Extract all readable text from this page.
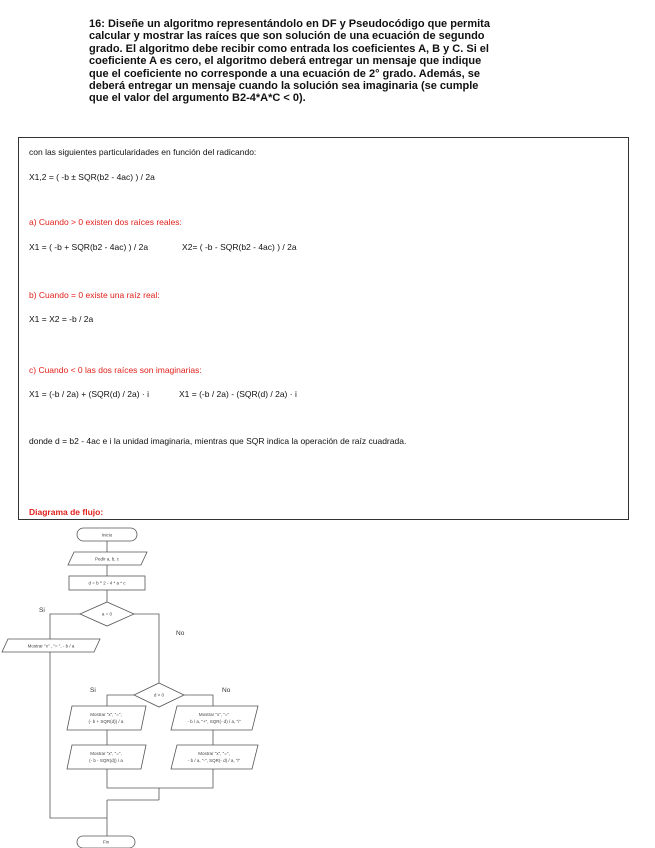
16: Diseñe un algoritmo representándolo en DF y Pseudocódigo que permita
calcular y mostrar las raíces que son solución de una ecuación de segundo
grado. El algoritmo debe recibir como entrada los coeficientes A, B y C. Si el
coeficiente A es cero, el algoritmo deberá entregar un mensaje que indique
que el coeficiente no corresponde a una ecuación de 2° grado. Además, se
deberá entregar un mensaje cuando la solución sea imaginaria (se cumple
que el valor del argumento B2-4*A*C < 0).
con las siguientes particularidades en función del radicando:
X1,2 = ( -b ± SQR(b2 - 4ac) ) / 2a
a) Cuando > 0 existen dos raíces reales:
X1 = ( -b + SQR(b2 - 4ac) ) / 2a	X2= ( -b - SQR(b2 - 4ac) ) / 2a
b) Cuando = 0 existe una raíz real:
X1 = X2 = -b / 2a
c) Cuando < 0 las dos raíces son imaginarias:
X1 = (-b / 2a) + (SQR(d) / 2a) · i	X1 = (-b / 2a) - (SQR(d) / 2a) · i
donde d = b2 - 4ac e i la unidad imaginaria, mientras que SQR indica la operación de raíz cuadrada.
Diagrama de flujo:
Inicio
Pedir a, b, c
d = b ^ 2 - 4 * a * c
a = 0
Mostrar "x" , "= ", - b / a
d > 0
Mostrar "x", "=",
(- b + SQR(d)) / a
Mostrar "x", "=",
(- b - SQR(d)) / a
Mostrar "x", "="
- b / a, "+", SQR(- d) / a, "i"
Mostrar "x", "=",
- b / a, "-", SQR(- d) / a, "i"
Fin
Si
No
Si	No
